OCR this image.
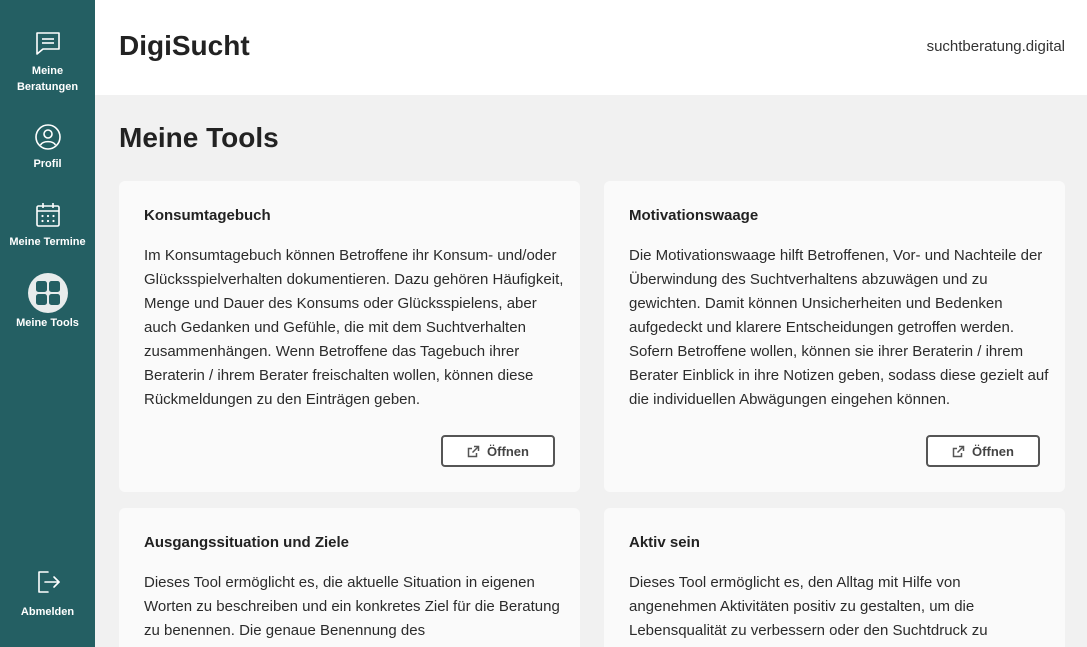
Meine Beratungen
Profil
Meine Termine
Meine Tools
Abmelden
DigiSucht	suchtberatung.digital
Meine Tools
Konsumtagebuch

Im Konsumtagebuch können Betroffene ihr Konsum- und/oder Glücksspielverhalten dokumentieren. Dazu gehören Häufigkeit, Menge und Dauer des Konsums oder Glücksspielens, aber auch Gedanken und Gefühle, die mit dem Suchtverhalten zusammenhängen. Wenn Betroffene das Tagebuch ihrer Beraterin / ihrem Berater freischalten wollen, können diese Rückmeldungen zu den Einträgen geben.

Öffnen
Motivationswaage

Die Motivationswaage hilft Betroffenen, Vor- und Nachteile der Überwindung des Suchtverhaltens abzuwägen und zu gewichten. Damit können Unsicherheiten und Bedenken aufgedeckt und klarere Entscheidungen getroffen werden. Sofern Betroffene wollen, können sie ihrer Beraterin / ihrem Berater Einblick in ihre Notizen geben, sodass diese gezielt auf die individuellen Abwägungen eingehen können.

Öffnen
Ausgangssituation und Ziele

Dieses Tool ermöglicht es, die aktuelle Situation in eigenen Worten zu beschreiben und ein konkretes Ziel für die Beratung zu benennen. Die genaue Benennung des

Aktiv sein

Dieses Tool ermöglicht es, den Alltag mit Hilfe von angenehmen Aktivitäten positiv zu gestalten, um die Lebensqualität zu verbessern oder den Suchtdruck zu
